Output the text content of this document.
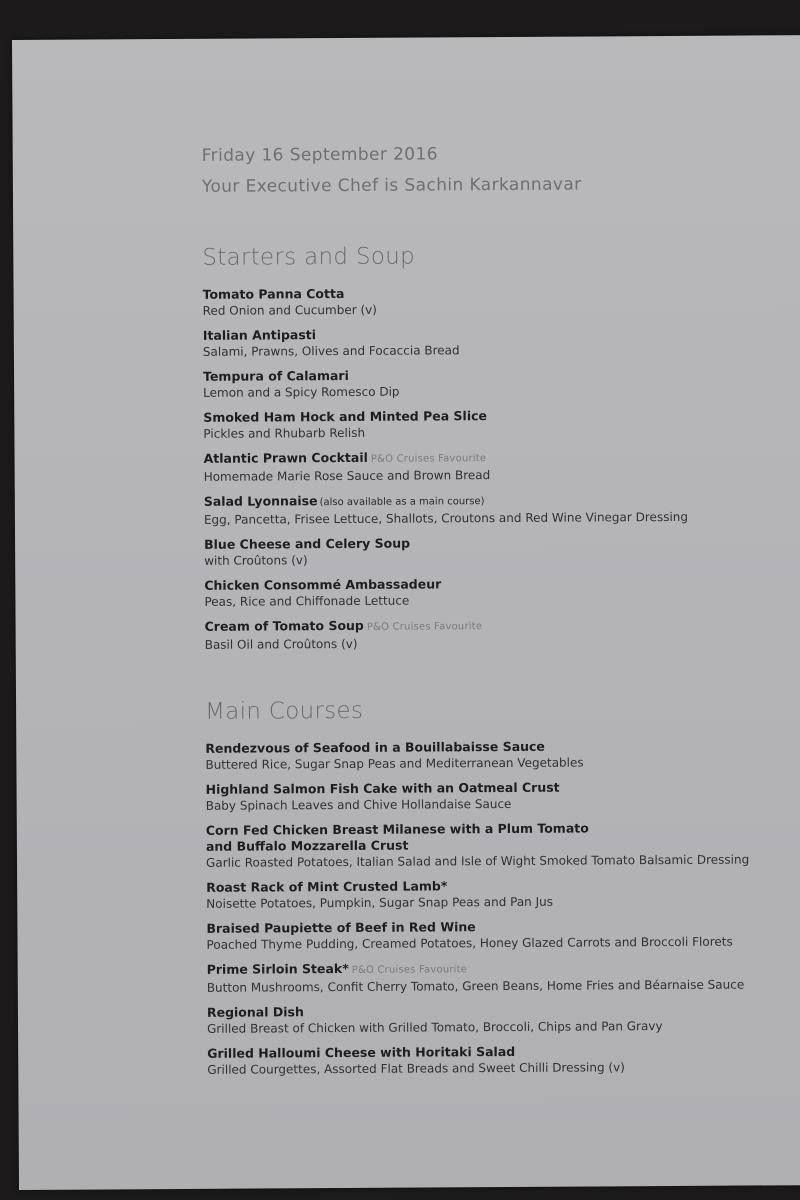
Friday 16 September 2016

Your Executive Chef is Sachin Karkannavar

Starters and Soup
Tomato Panna Cotta
Red Onion and Cucumber (v)
Italian Antipasti
Salami, Prawns, Olives and Focaccia Bread
Tempura of Calamari
Lemon and a Spicy Romesco Dip
Smoked Ham Hock and Minted Pea Slice
Pickles and Rhubarb Relish
Atlantic Prawn Cocktail P&O Cruises Favourite
Homemade Marie Rose Sauce and Brown Bread
Salad Lyonnaise (also available as a main course)
Egg, Pancetta, Frisee Lettuce, Shallots, Croutons and Red Wine Vinegar Dressing
Blue Cheese and Celery Soup
with Croûtons (v)
Chicken Consommé Ambassadeur
Peas, Rice and Chiffonade Lettuce
Cream of Tomato Soup P&O Cruises Favourite
Basil Oil and Croûtons (v)
Main Courses
Rendezvous of Seafood in a Bouillabaisse Sauce
Buttered Rice, Sugar Snap Peas and Mediterranean Vegetables
Highland Salmon Fish Cake with an Oatmeal Crust
Baby Spinach Leaves and Chive Hollandaise Sauce
Corn Fed Chicken Breast Milanese with a Plum Tomato
and Buffalo Mozzarella Crust
Garlic Roasted Potatoes, Italian Salad and Isle of Wight Smoked Tomato Balsamic Dressing
Roast Rack of Mint Crusted Lamb*
Noisette Potatoes, Pumpkin, Sugar Snap Peas and Pan Jus
Braised Paupiette of Beef in Red Wine
Poached Thyme Pudding, Creamed Potatoes, Honey Glazed Carrots and Broccoli Florets
Prime Sirloin Steak* P&O Cruises Favourite
Button Mushrooms, Confit Cherry Tomato, Green Beans, Home Fries and Béarnaise Sauce
Regional Dish
Grilled Breast of Chicken with Grilled Tomato, Broccoli, Chips and Pan Gravy
Grilled Halloumi Cheese with Horitaki Salad
Grilled Courgettes, Assorted Flat Breads and Sweet Chilli Dressing (v)
